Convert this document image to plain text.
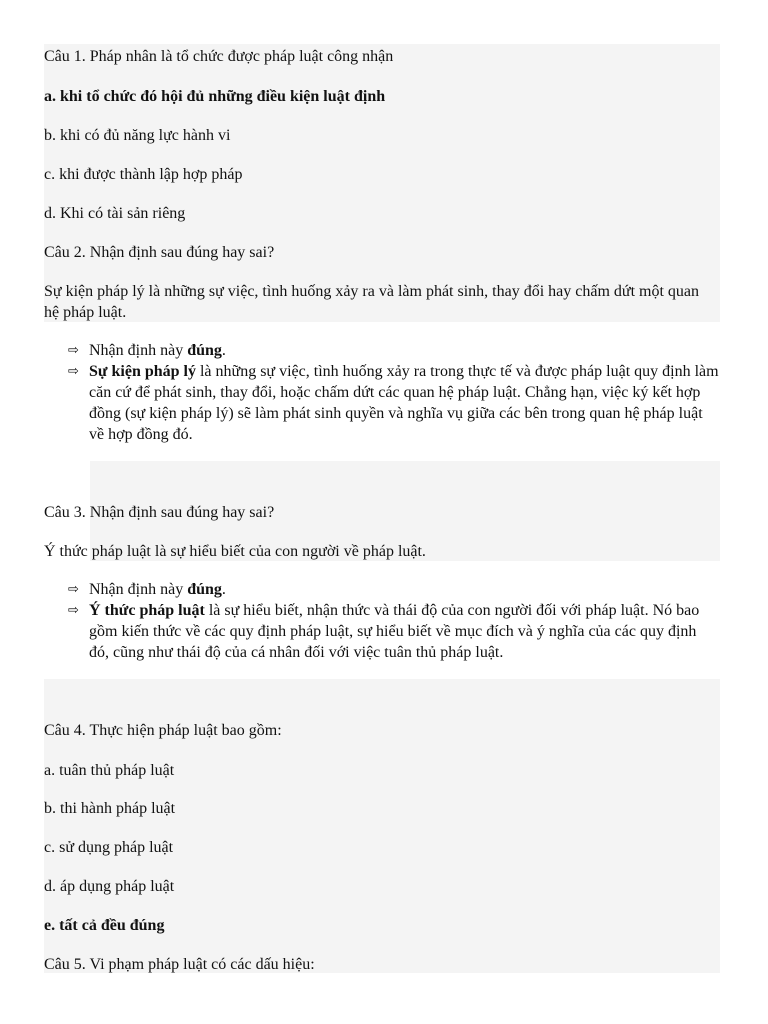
Câu 1. Pháp nhân là tổ chức được pháp luật công nhận

a. khi tổ chức đó hội đủ những điều kiện luật định

b. khi có đủ năng lực hành vi

c. khi được thành lập hợp pháp

d. Khi có tài sản riêng

Câu 2. Nhận định sau đúng hay sai?

Sự kiện pháp lý là những sự việc, tình huống xảy ra và làm phát sinh, thay đổi hay chấm dứt một quan hệ pháp luật.

⇨ Nhận định này đúng.
⇨ Sự kiện pháp lý là những sự việc, tình huống xảy ra trong thực tế và được pháp luật quy định làm căn cứ để phát sinh, thay đổi, hoặc chấm dứt các quan hệ pháp luật. Chẳng hạn, việc ký kết hợp đồng (sự kiện pháp lý) sẽ làm phát sinh quyền và nghĩa vụ giữa các bên trong quan hệ pháp luật về hợp đồng đó.

Câu 3. Nhận định sau đúng hay sai?

Ý thức pháp luật là sự hiểu biết của con người về pháp luật.

⇨ Nhận định này đúng.
⇨ Ý thức pháp luật là sự hiểu biết, nhận thức và thái độ của con người đối với pháp luật. Nó bao gồm kiến thức về các quy định pháp luật, sự hiểu biết về mục đích và ý nghĩa của các quy định đó, cũng như thái độ của cá nhân đối với việc tuân thủ pháp luật.

Câu 4. Thực hiện pháp luật bao gồm:

a. tuân thủ pháp luật

b. thi hành pháp luật

c. sử dụng pháp luật

d. áp dụng pháp luật

e. tất cả đều đúng

Câu 5. Vi phạm pháp luật có các dấu hiệu:
